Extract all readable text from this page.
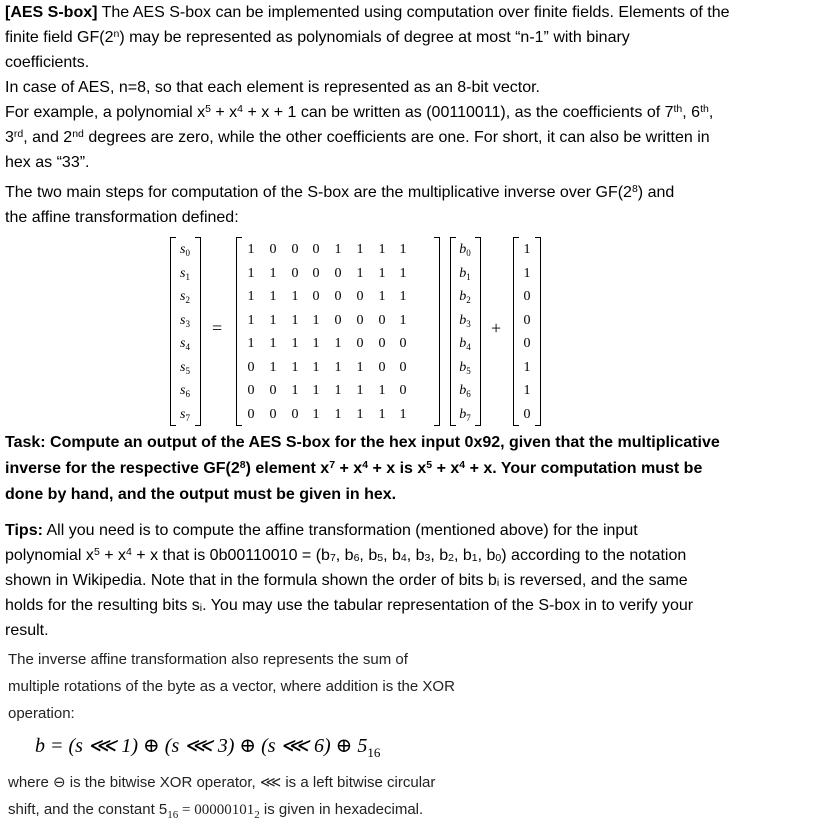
[AES S-box] The AES S-box can be implemented using computation over finite fields. Elements of the
finite field GF(2$^n$) may be represented as polynomials of degree at most “n-1” with binary
coefficients.
In case of AES, n=8, so that each element is represented as an 8-bit vector.
For example, a polynomial $x^5 + x^4 + x + 1$ can be written as (00110011), as the coefficients of 7th, 6th,
3rd, and 2nd degrees are zero, while the other coefficients are one. For short, it can also be written in
hex as “33”.
The two main steps for computation of the S-box are the multiplicative inverse over $GF(2^8)$ and
the affine transformation defined:
=	+
$s_0$	1	0	0	0	1	1	1	1	$b_0$	1
$s_1$	1	1	0	0	0	1	1	1	$b_1$	1
$s_2$	1	1	1	0	0	0	1	1	$b_2$	0
$s_3$	1	1	1	1	0	0	0	1	$b_3$	0
$s_4$	1	1	1	1	1	0	0	0	$b_4$	0
$s_5$	0	1	1	1	1	1	0	0	$b_5$	1
$s_6$	0	0	1	1	1	1	1	0	$b_6$	1
$s_7$	0	0	0	1	1	1	1	1	$b_7$	0
Task: Compute an output of the AES S-box for the hex input 0x92, given that the multiplicative
inverse for the respective $GF(2^8)$ element $x^7 + x^4 + x$ is $x^5 + x^4 + x$. Your computation must be
done by hand, and the output must be given in hex.
Tips: All you need is to compute the affine transformation (mentioned above) for the input
polynomial $x^5 + x^4 + x$ that is 0b00110010 = (b7, b6, b5, b4, b3, b2, b1, b0) according to the notation
shown in Wikipedia. Note that in the formula shown the order of bits bi is reversed, and the same
holds for the resulting bits si. You may use the tabular representation of the S-box in to verify your
result.
The inverse affine transformation also represents the sum of
multiple rotations of the byte as a vector, where addition is the XOR
operation:
b = (s ⋘ 1) ⊕ (s ⋘ 3) ⊕ (s ⋘ 6) ⊕ $5_{16}$
where ⊖ is the bitwise XOR operator, ⋘ is a left bitwise circular
shift, and the constant $5_{16} = 00000101_2$ is given in hexadecimal.
